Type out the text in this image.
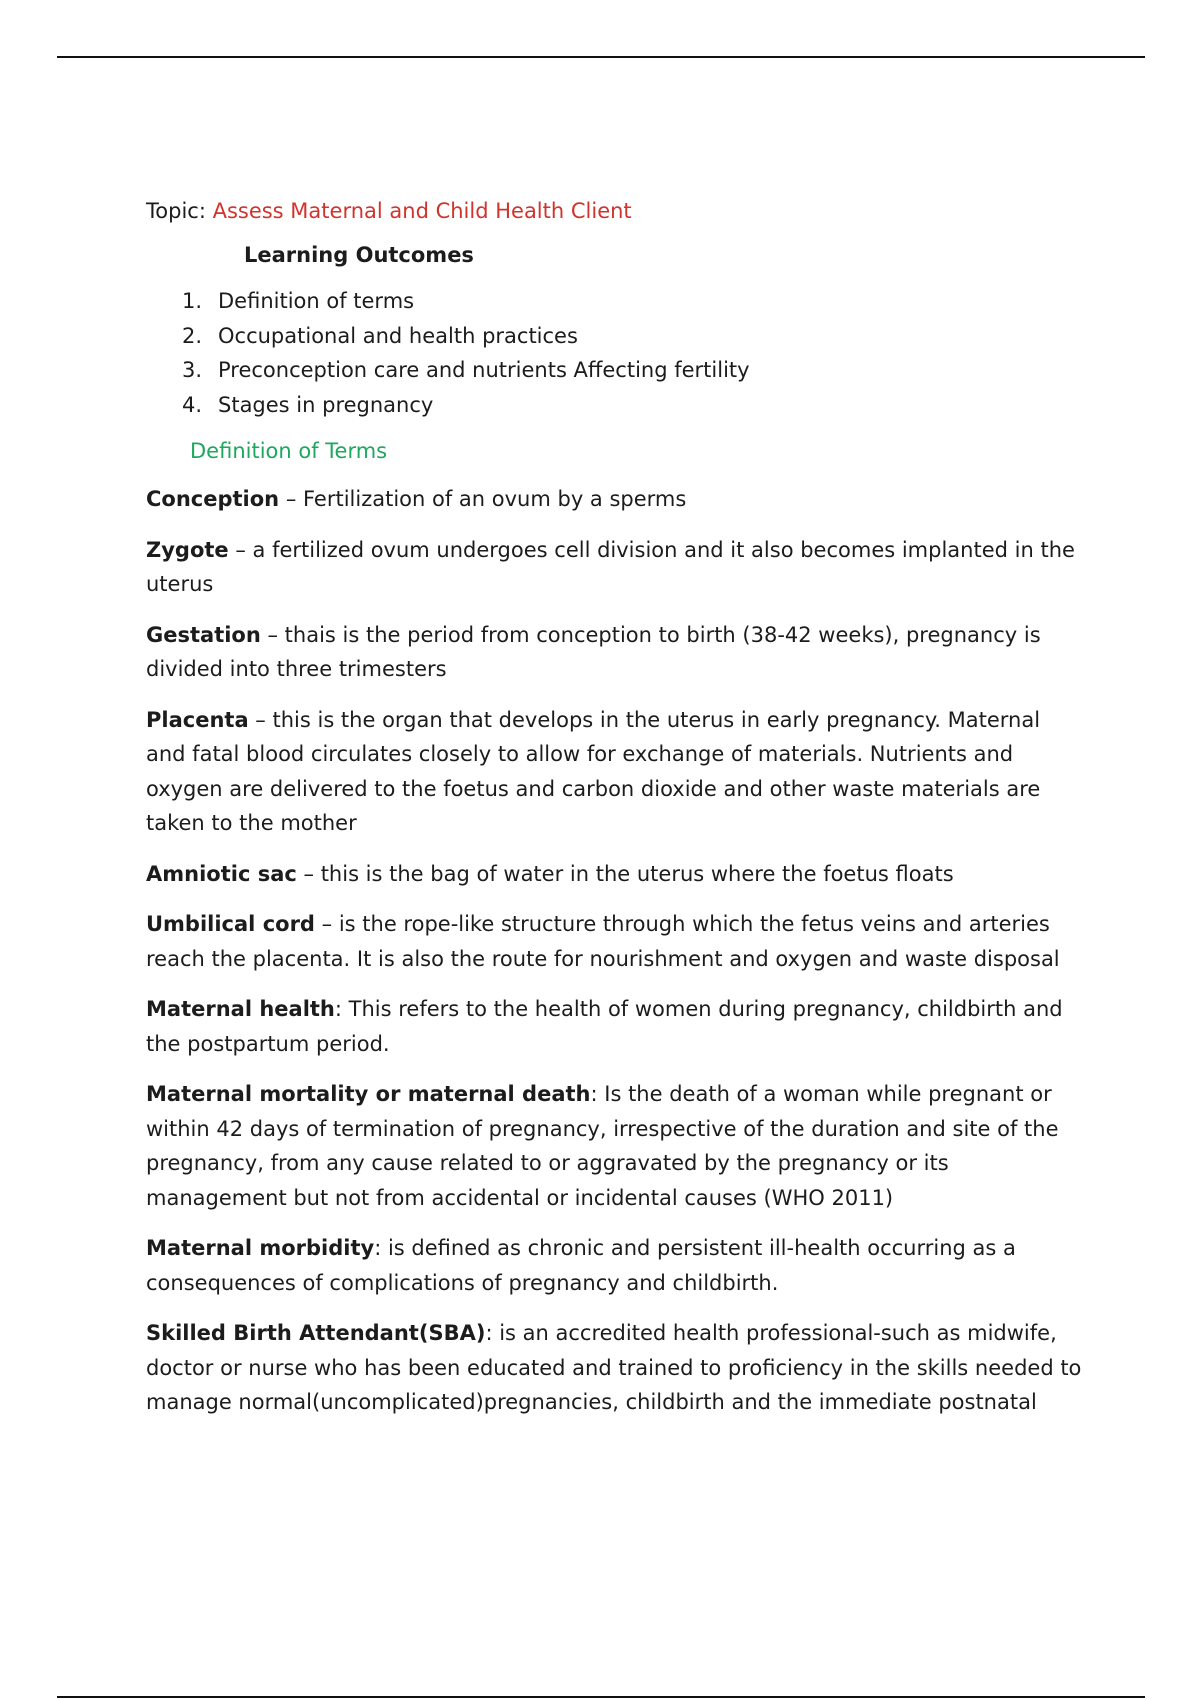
Topic: Assess Maternal and Child Health Client

Learning Outcomes
1. Definition of terms
2. Occupational and health practices
3. Preconception care and nutrients Affecting fertility
4. Stages in pregnancy
Definition of Terms

Conception – Fertilization of an ovum by a sperms

Zygote – a fertilized ovum undergoes cell division and it also becomes implanted in the uterus

Gestation – thais is the period from conception to birth (38-42 weeks), pregnancy is divided into three trimesters

Placenta – this is the organ that develops in the uterus in early pregnancy. Maternal and fatal blood circulates closely to allow for exchange of materials. Nutrients and oxygen are delivered to the foetus and carbon dioxide and other waste materials are taken to the mother

Amniotic sac – this is the bag of water in the uterus where the foetus floats

Umbilical cord – is the rope-like structure through which the fetus veins and arteries reach the placenta. It is also the route for nourishment and oxygen and waste disposal

Maternal health: This refers to the health of women during pregnancy, childbirth and the postpartum period.

Maternal mortality or maternal death: Is the death of a woman while pregnant or within 42 days of termination of pregnancy, irrespective of the duration and site of the pregnancy, from any cause related to or aggravated by the pregnancy or its management but not from accidental or incidental causes (WHO 2011)

Maternal morbidity: is defined as chronic and persistent ill-health occurring as a consequences of complications of pregnancy and childbirth.

Skilled Birth Attendant(SBA): is an accredited health professional-such as midwife, doctor or nurse who has been educated and trained to proficiency in the skills needed to manage normal(uncomplicated)pregnancies, childbirth and the immediate postnatal
